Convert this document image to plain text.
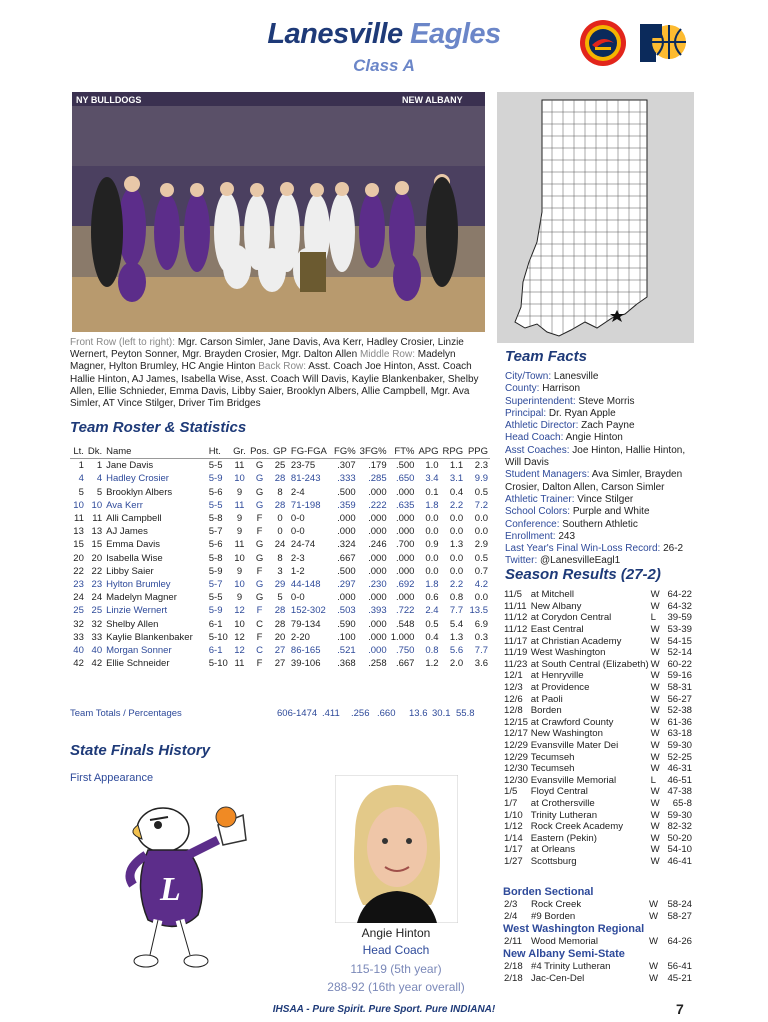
Lanesville Eagles
Class A
NY BULLDOGS	NEW ALBANY
Front Row (left to right): Mgr. Carson Simler, Jane Davis, Ava Kerr, Hadley Crosier, Linzie Wernert, Peyton Sonner, Mgr. Brayden Crosier, Mgr. Dalton Allen Middle Row: Madelyn Magner, Hylton Brumley, HC Angie Hinton Back Row: Asst. Coach Joe Hinton, Asst. Coach Hallie Hinton, AJ James, Isabella Wise, Asst. Coach Will Davis, Kaylie Blankenbaker, Shelby Allen, Ellie Schnieder, Emma Davis, Libby Saier, Brooklyn Albers, Allie Campbell, Mgr. Ava Simler, AT Vince Stilger, Driver Tim Bridges
Team Roster & Statistics
Lt.	Dk.	Name	Ht.	Gr.	Pos.	GP	FG-FGA	FG%	3FG%	FT%	APG	RPG	PPG
1	1	Jane Davis	5-5	11	G	25	23-75	.307	.179	.500	1.0	1.1	2.3
4	4	Hadley Crosier	5-9	10	G	28	81-243	.333	.285	.650	3.4	3.1	9.9
5	5	Brooklyn Albers	5-6	9	G	8	2-4	.500	.000	.000	0.1	0.4	0.5
10	10	Ava Kerr	5-5	11	G	28	71-198	.359	.222	.635	1.8	2.2	7.2
11	11	Alli Campbell	5-8	9	F	0	0-0	.000	.000	.000	0.0	0.0	0.0
13	13	AJ James	5-7	9	F	0	0-0	.000	.000	.000	0.0	0.0	0.0
15	15	Emma Davis	5-6	11	G	24	24-74	.324	.246	.700	0.9	1.3	2.9
20	20	Isabella Wise	5-8	10	G	8	2-3	.667	.000	.000	0.0	0.0	0.5
22	22	Libby Saier	5-9	9	F	3	1-2	.500	.000	.000	0.0	0.0	0.7
23	23	Hylton Brumley	5-7	10	G	29	44-148	.297	.230	.692	1.8	2.2	4.2
24	24	Madelyn Magner	5-5	9	G	5	0-0	.000	.000	.000	0.6	0.8	0.0
25	25	Linzie Wernert	5-9	12	F	28	152-302	.503	.393	.722	2.4	7.7	13.5
32	32	Shelby Allen	6-1	10	C	28	79-134	.590	.000	.548	0.5	5.4	6.9
33	33	Kaylie Blankenbaker	5-10	12	F	20	2-20	.100	.000	1.000	0.4	1.3	0.3
40	40	Morgan Sonner	6-1	12	C	27	86-165	.521	.000	.750	0.8	5.6	7.7
42	42	Ellie Schneider	5-10	11	F	27	39-106	.368	.258	.667	1.2	2.0	3.6
Team Totals / Percentages	606-1474 .411 .256 .660 13.6 30.1 55.8
State Finals History
First Appearance
L
Angie Hinton
Head Coach
115-19 (5th year)
288-92 (16th year overall)
Team Facts
City/Town: Lanesville
County: Harrison
Superintendent: Steve Morris
Principal: Dr. Ryan Apple
Athletic Director: Zach Payne
Head Coach: Angie Hinton
Asst Coaches: Joe Hinton, Hallie Hinton, Will Davis
Student Managers: Ava Simler, Brayden Crosier, Dalton Allen, Carson Simler
Athletic Trainer: Vince Stilger
School Colors: Purple and White
Conference: Southern Athletic
Enrollment: 243
Last Year's Final Win-Loss Record: 26-2
Twitter: @LanesvilleEagl1
Season Results (27-2)
11/5	at Mitchell	W	64-22
11/11	New Albany	W	64-32
11/12	at Corydon Central	L	39-59
11/12	East Central	W	53-39
11/17	at Christian Academy	W	54-15
11/19	West Washington	W	52-14
11/23	at South Central (Elizabeth)	W	60-22
12/1	at Henryville	W	59-16
12/3	at Providence	W	58-31
12/6	at Paoli	W	56-27
12/8	Borden	W	52-38
12/15	at Crawford County	W	61-36
12/17	New Washington	W	63-18
12/29	Evansville Mater Dei	W	59-30
12/29	Tecumseh	W	52-25
12/30	Tecumseh	W	46-31
12/30	Evansville Memorial	L	46-51
1/5	Floyd Central	W	47-38
1/7	at Crothersville	W	65-8
1/10	Trinity Lutheran	W	59-30
1/12	Rock Creek Academy	W	82-32
1/14	Eastern (Pekin)	W	50-20
1/17	at Orleans	W	54-10
1/27	Scottsburg	W	46-41
Borden Sectional
2/3	Rock Creek	W	58-24
2/4	#9 Borden	W	58-27
West Washington Regional
2/11	Wood Memorial	W	64-26
New Albany Semi-State
2/18	#4 Trinity Lutheran	W	56-41
2/18	Jac-Cen-Del	W	45-21
IHSAA - Pure Spirit. Pure Sport. Pure INDIANA!	7
